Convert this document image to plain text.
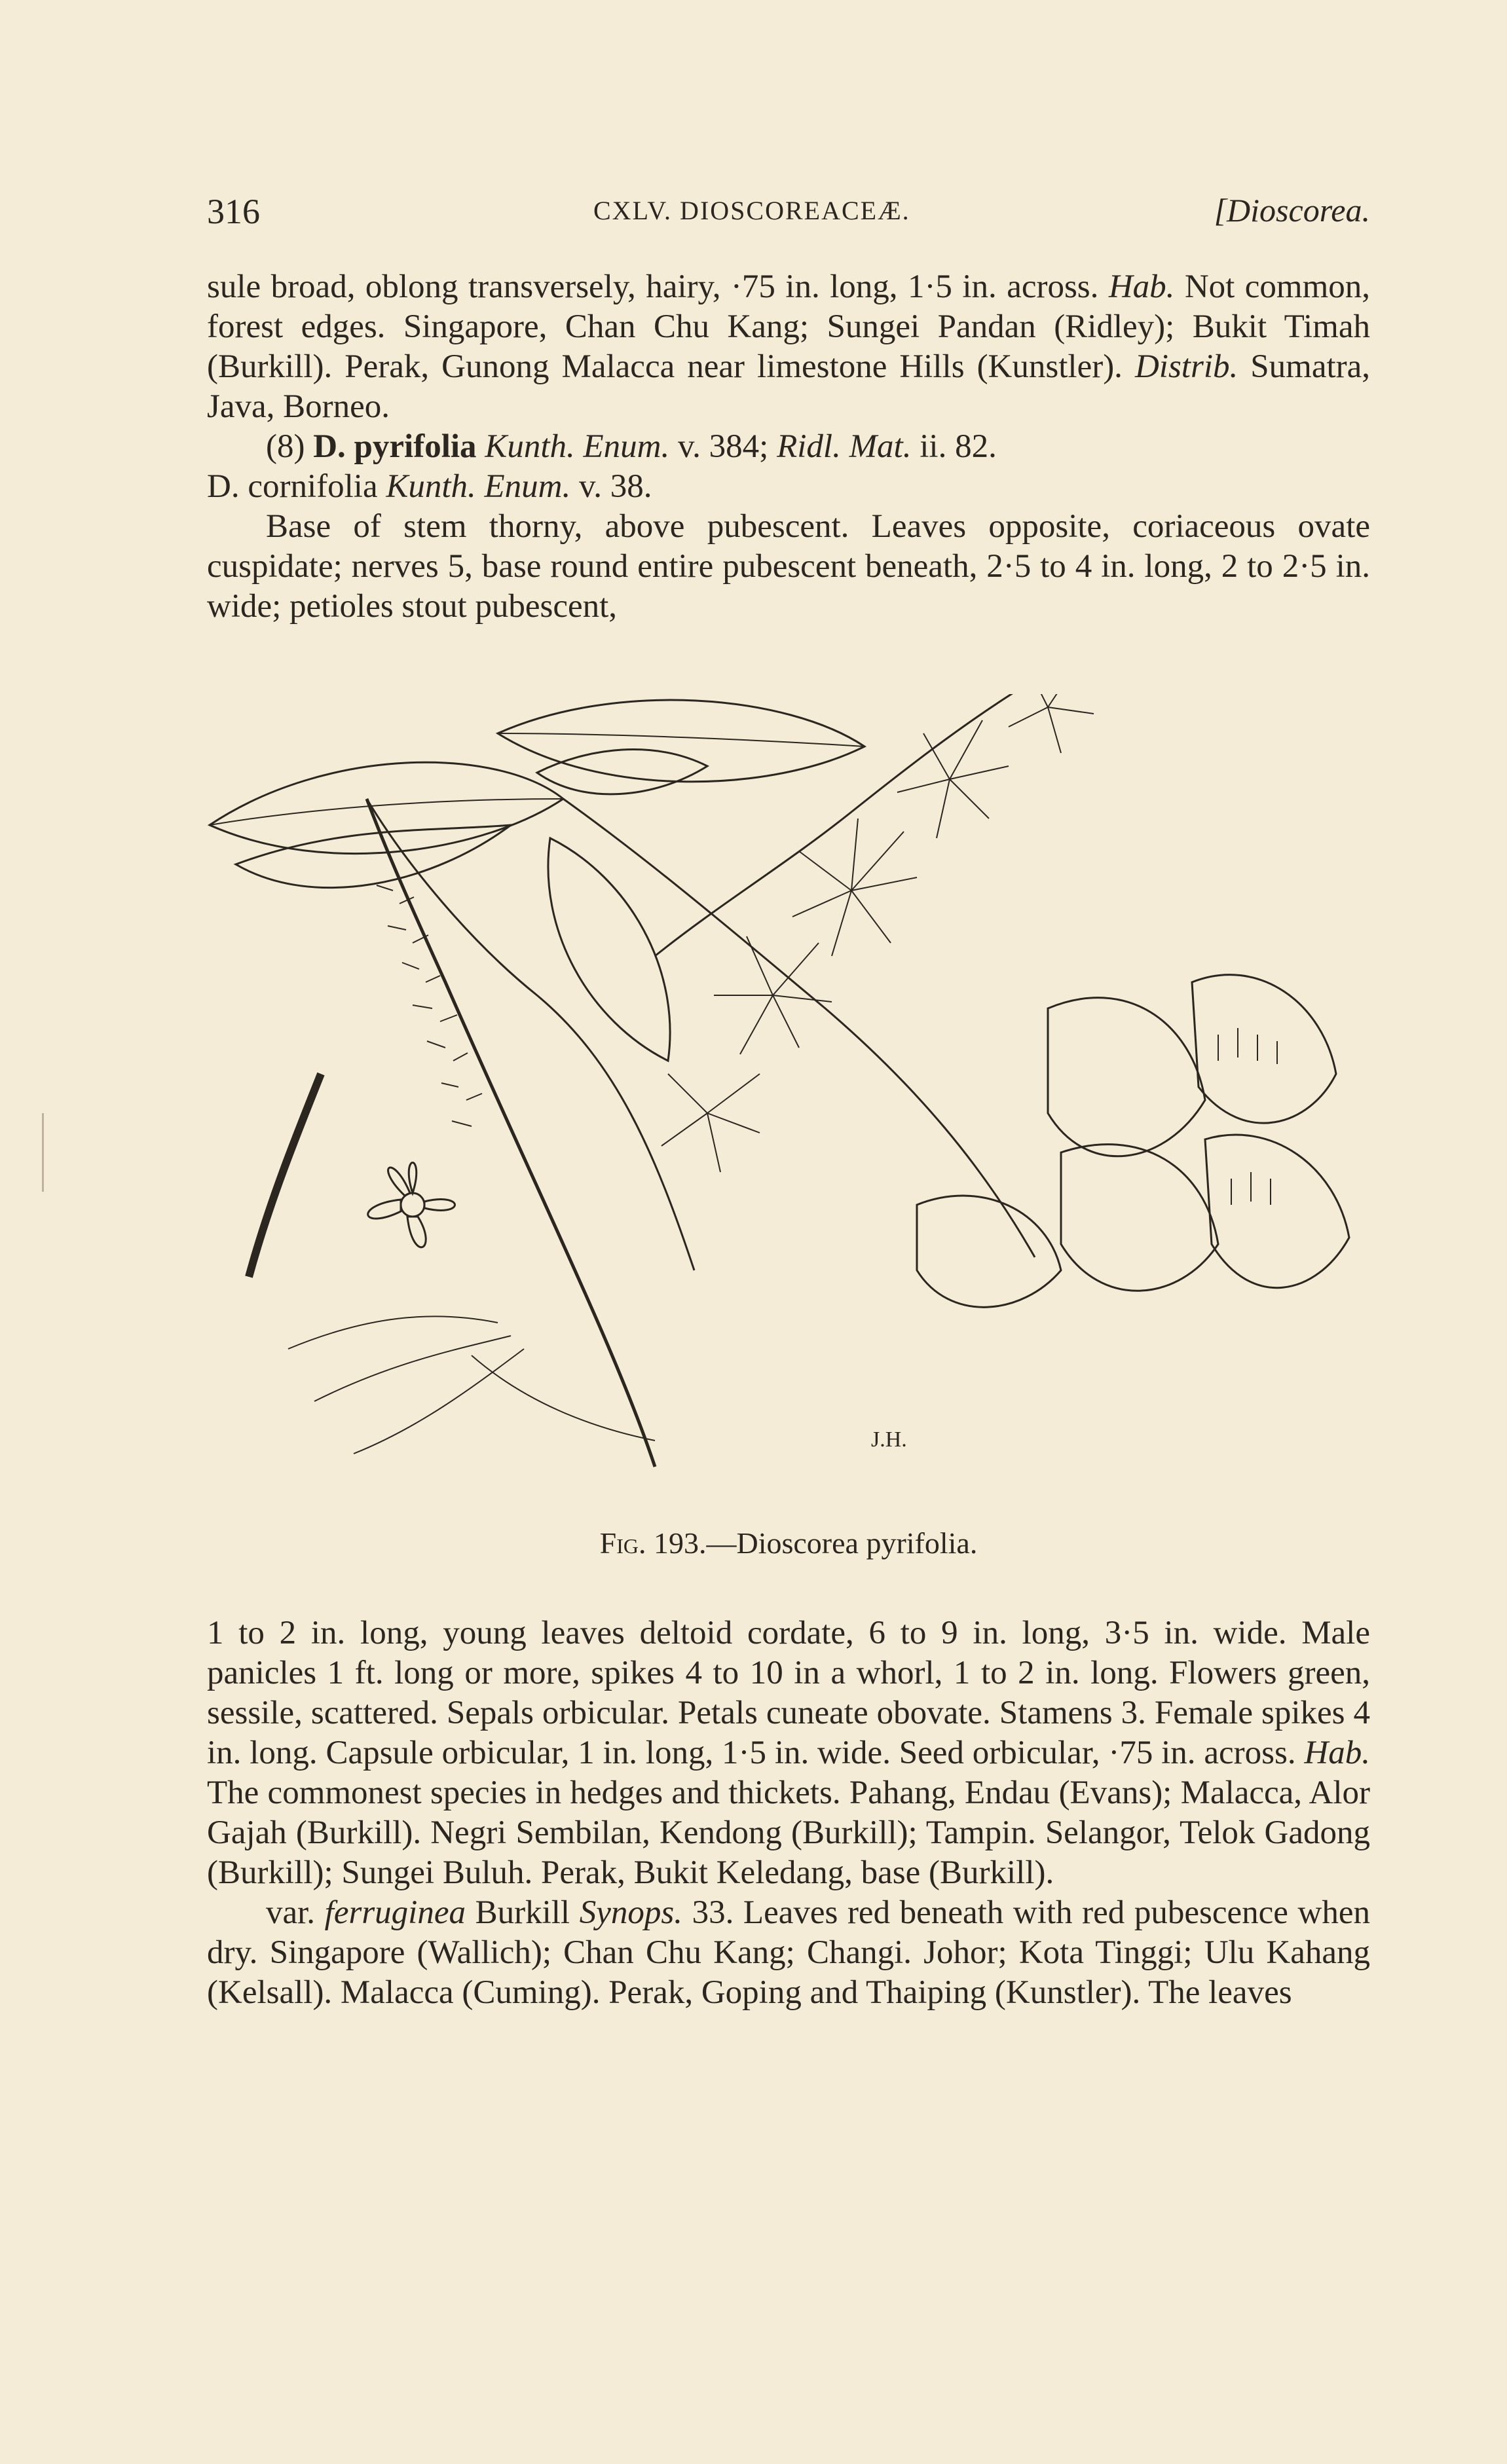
316	CXLV. DIOSCOREACEÆ.	[Dioscorea.

sule broad, oblong transversely, hairy, ·75 in. long, 1·5 in. across. Hab. Not common, forest edges. Singapore, Chan Chu Kang; Sungei Pandan (Ridley); Bukit Timah (Burkill). Perak, Gunong Malacca near limestone Hills (Kunstler). Distrib. Sumatra, Java, Borneo.

(8) D. pyrifolia Kunth. Enum. v. 384; Ridl. Mat. ii. 82.

D. cornifolia Kunth. Enum. v. 38.

Base of stem thorny, above pubescent. Leaves opposite, coriaceous ovate cuspidate; nerves 5, base round entire pubescent beneath, 2·5 to 4 in. long, 2 to 2·5 in. wide; petioles stout pubescent,

J.H.
Fig. 193.—Dioscorea pyrifolia.

1 to 2 in. long, young leaves deltoid cordate, 6 to 9 in. long, 3·5 in. wide. Male panicles 1 ft. long or more, spikes 4 to 10 in a whorl, 1 to 2 in. long. Flowers green, sessile, scattered. Sepals orbicular. Petals cuneate obovate. Stamens 3. Female spikes 4 in. long. Capsule orbicular, 1 in. long, 1·5 in. wide. Seed orbicular, ·75 in. across. Hab. The commonest species in hedges and thickets. Pahang, Endau (Evans); Malacca, Alor Gajah (Burkill). Negri Sembilan, Kendong (Burkill); Tampin. Selangor, Telok Gadong (Burkill); Sungei Buluh. Perak, Bukit Keledang, base (Burkill).

var. ferruginea Burkill Synops. 33. Leaves red beneath with red pubescence when dry. Singapore (Wallich); Chan Chu Kang; Changi. Johor; Kota Tinggi; Ulu Kahang (Kelsall). Malacca (Cuming). Perak, Goping and Thaiping (Kunstler). The leaves
